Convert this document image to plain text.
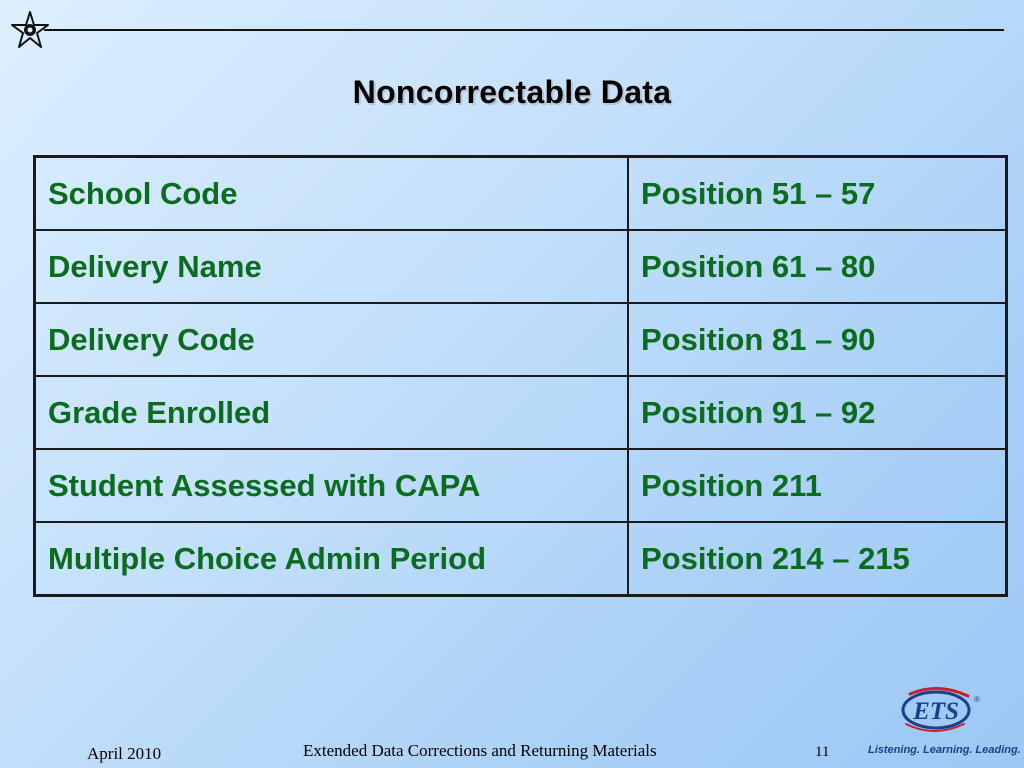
Noncorrectable Data
School Code	Position 51 – 57
Delivery Name	Position 61 – 80
Delivery Code	Position 81 – 90
Grade Enrolled	Position 91 – 92
Student Assessed with CAPA	Position 211
Multiple Choice Admin Period	Position 214 – 215
April 2010	Extended Data Corrections and Returning Materials	11
ETS ®
Listening. Learning. Leading.
